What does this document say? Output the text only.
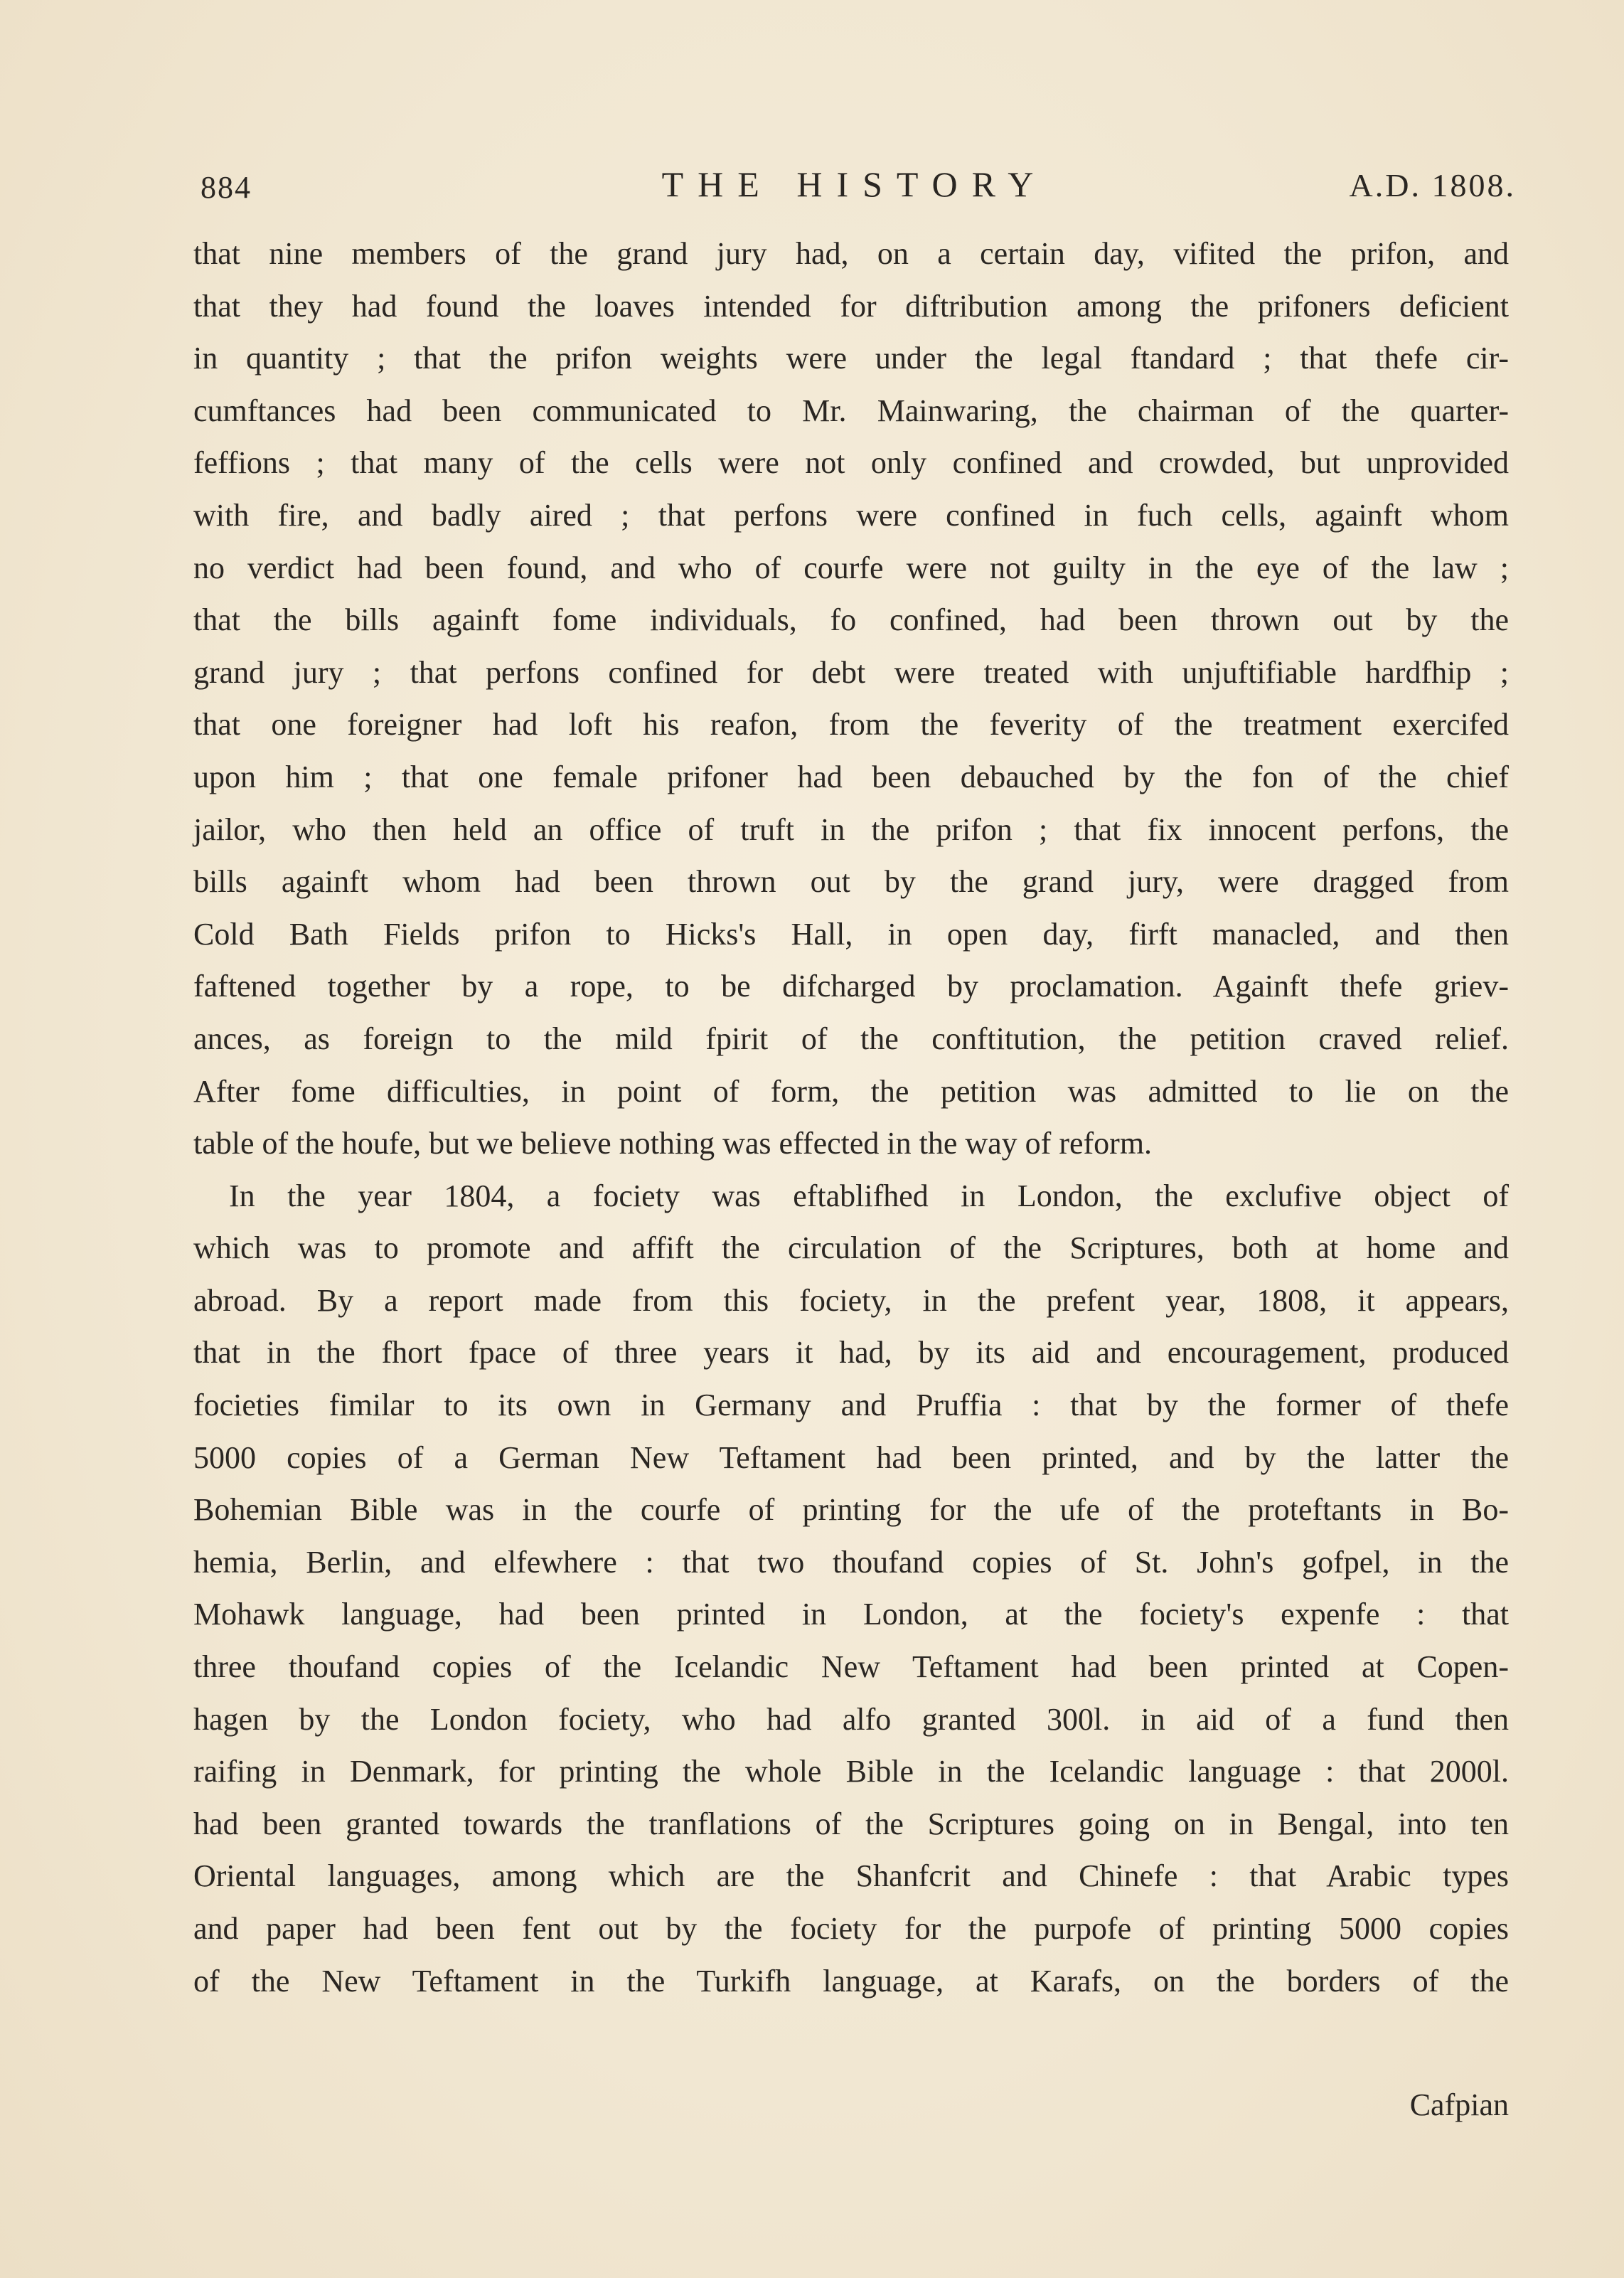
884	THE HISTORY	A.D. 1808.
that nine members of the grand jury had, on a certain day, vifited the prifon, and
that they had found the loaves intended for diftribution among the prifoners deficient
in quantity ; that the prifon weights were under the legal ftandard ; that thefe cir-
cumftances had been communicated to Mr. Mainwaring, the chairman of the quarter-
feffions ; that many of the cells were not only confined and crowded, but unprovided
with fire, and badly aired ; that perfons were confined in fuch cells, againft whom
no verdict had been found, and who of courfe were not guilty in the eye of the law ;
that the bills againft fome individuals, fo confined, had been thrown out by the
grand jury ; that perfons confined for debt were treated with unjuftifiable hardfhip ;
that one foreigner had loft his reafon, from the feverity of the treatment exercifed
upon him ; that one female prifoner had been debauched by the fon of the chief
jailor, who then held an office of truft in the prifon ; that fix innocent perfons, the
bills againft whom had been thrown out by the grand jury, were dragged from
Cold Bath Fields prifon to Hicks's Hall, in open day, firft manacled, and then
faftened together by a rope, to be difcharged by proclamation. Againft thefe griev-
ances, as foreign to the mild fpirit of the conftitution, the petition craved relief.
After fome difficulties, in point of form, the petition was admitted to lie on the
table of the houfe, but we believe nothing was effected in the way of reform.
In the year 1804, a fociety was eftablifhed in London, the exclufive object of
which was to promote and affift the circulation of the Scriptures, both at home and
abroad. By a report made from this fociety, in the prefent year, 1808, it appears,
that in the fhort fpace of three years it had, by its aid and encouragement, produced
focieties fimilar to its own in Germany and Pruffia : that by the former of thefe
5000 copies of a German New Teftament had been printed, and by the latter the
Bohemian Bible was in the courfe of printing for the ufe of the proteftants in Bo-
hemia, Berlin, and elfewhere : that two thoufand copies of St. John's gofpel, in the
Mohawk language, had been printed in London, at the fociety's expenfe : that
three thoufand copies of the Icelandic New Teftament had been printed at Copen-
hagen by the London fociety, who had alfo granted 300l. in aid of a fund then
raifing in Denmark, for printing the whole Bible in the Icelandic language : that 2000l.
had been granted towards the tranflations of the Scriptures going on in Bengal, into ten
Oriental languages, among which are the Shanfcrit and Chinefe : that Arabic types
and paper had been fent out by the fociety for the purpofe of printing 5000 copies
of the New Teftament in the Turkifh language, at Karafs, on the borders of the
Cafpian
